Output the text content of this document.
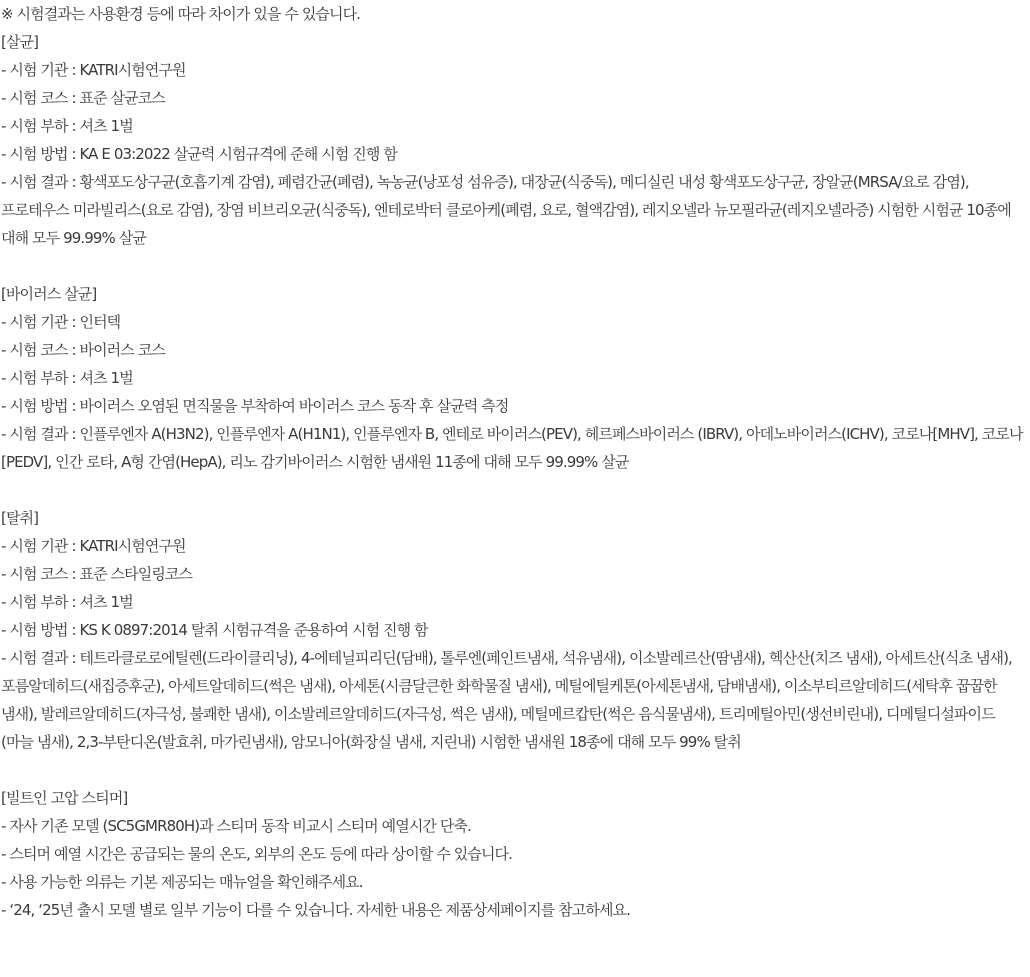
※ 시험결과는 사용환경 등에 따라 차이가 있을 수 있습니다.

[살균]

- 시험 기관 : KATRI시험연구원

- 시험 코스 : 표준 살균코스

- 시험 부하 : 셔츠 1벌

- 시험 방법 : KA E 03:2022 살균력 시험규격에 준해 시험 진행 함

- 시험 결과 : 황색포도상구균(호흡기계 감염), 폐렴간균(폐렴), 녹농균(낭포성 섬유증), 대장균(식중독), 메디실린 내성 황색포도상구균, 장알균(MRSA/요로 감염), 프로테우스 미라빌리스(요로 감염), 장염 비브리오균(식중독), 엔테로박터 클로아케(폐렴, 요로, 혈액감염), 레지오넬라 뉴모필라균(레지오넬라증) 시험한 시험균 10종에 대해 모두 99.99% 살균

[바이러스 살균]

- 시험 기관 : 인터텍

- 시험 코스 : 바이러스 코스

- 시험 부하 : 셔츠 1벌

- 시험 방법 : 바이러스 오염된 면직물을 부착하여 바이러스 코스 동작 후 살균력 측정

- 시험 결과 : 인플루엔자 A(H3N2), 인플루엔자 A(H1N1), 인플루엔자 B, 엔테로 바이러스(PEV), 헤르페스바이러스 (IBRV), 아데노바이러스(ICHV), 코로나[MHV], 코로나[PEDV], 인간 로타, A형 간염(HepA), 리노 감기바이러스 시험한 냄새원 11종에 대해 모두 99.99% 살균

[탈취]

- 시험 기관 : KATRI시험연구원

- 시험 코스 : 표준 스타일링코스

- 시험 부하 : 셔츠 1벌

- 시험 방법 : KS K 0897:2014 탈취 시험규격을 준용하여 시험 진행 함

- 시험 결과 : 테트라클로로에틸렌(드라이클리닝), 4-에테닐피리딘(담배), 톨루엔(페인트냄새, 석유냄새), 이소발레르산(땀냄새), 헥산산(치즈 냄새), 아세트산(식초 냄새), 포름알데히드(새집증후군), 아세트알데히드(썩은 냄새), 아세톤(시큼달큰한 화학물질 냄새), 메틸에틸케톤(아세톤냄새, 담배냄새), 이소부티르알데히드(세탁후 꿉꿉한 냄새), 발레르알데히드(자극성, 불쾌한 냄새), 이소발레르알데히드(자극성, 썩은 냄새), 메틸메르캅탄(썩은 음식물냄새), 트리메틸아민(생선비린내), 디메틸디설파이드(마늘 냄새), 2,3-부탄디온(발효취, 마가린냄새), 암모니아(화장실 냄새, 지린내) 시험한 냄새원 18종에 대해 모두 99% 탈취

[빌트인 고압 스티머]

- 자사 기존 모델 (SC5GMR80H)과 스티머 동작 비교시 스티머 예열시간 단축.

- 스티머 예열 시간은 공급되는 물의 온도, 외부의 온도 등에 따라 상이할 수 있습니다.

- 사용 가능한 의류는 기본 제공되는 매뉴얼을 확인해주세요.

- ‘24, ‘25년 출시 모델 별로 일부 기능이 다를 수 있습니다. 자세한 내용은 제품상세페이지를 참고하세요.
